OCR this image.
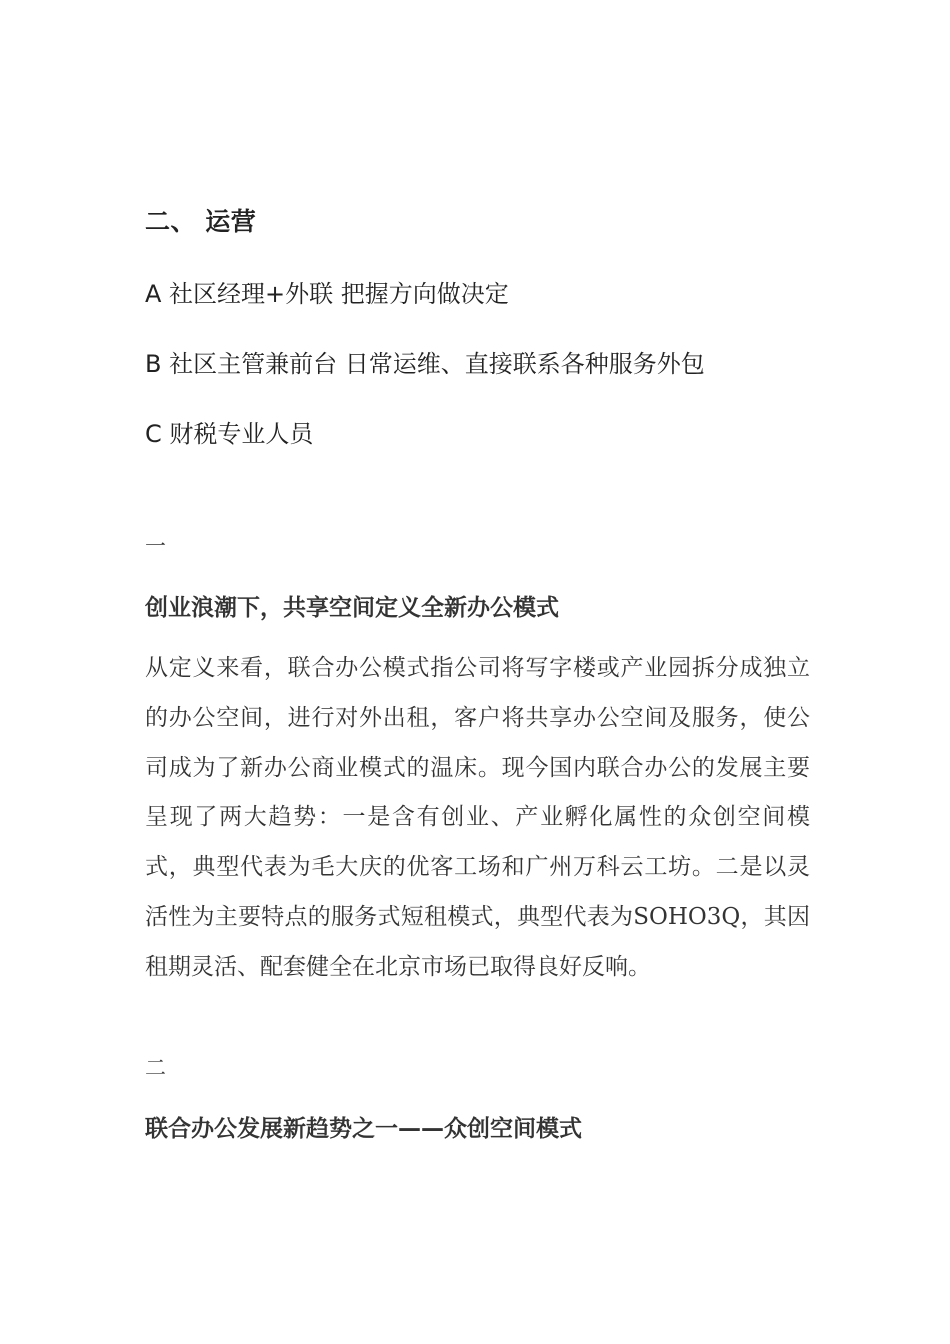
二、 运营

A 社区经理+外联 把握方向做决定

B 社区主管兼前台 日常运维、直接联系各种服务外包

C 财税专业人员

一

创业浪潮下，共享空间定义全新办公模式

从定义来看，联合办公模式指公司将写字楼或产业园拆分成独立的办公空间，进行对外出租，客户将共享办公空间及服务，使公司成为了新办公商业模式的温床。现今国内联合办公的发展主要呈现了两大趋势：一是含有创业、产业孵化属性的众创空间模式，典型代表为毛大庆的优客工场和广州万科云工坊。二是以灵活性为主要特点的服务式短租模式，典型代表为SOHO3Q，其因租期灵活、配套健全在北京市场已取得良好反响。

二

联合办公发展新趋势之一——众创空间模式
